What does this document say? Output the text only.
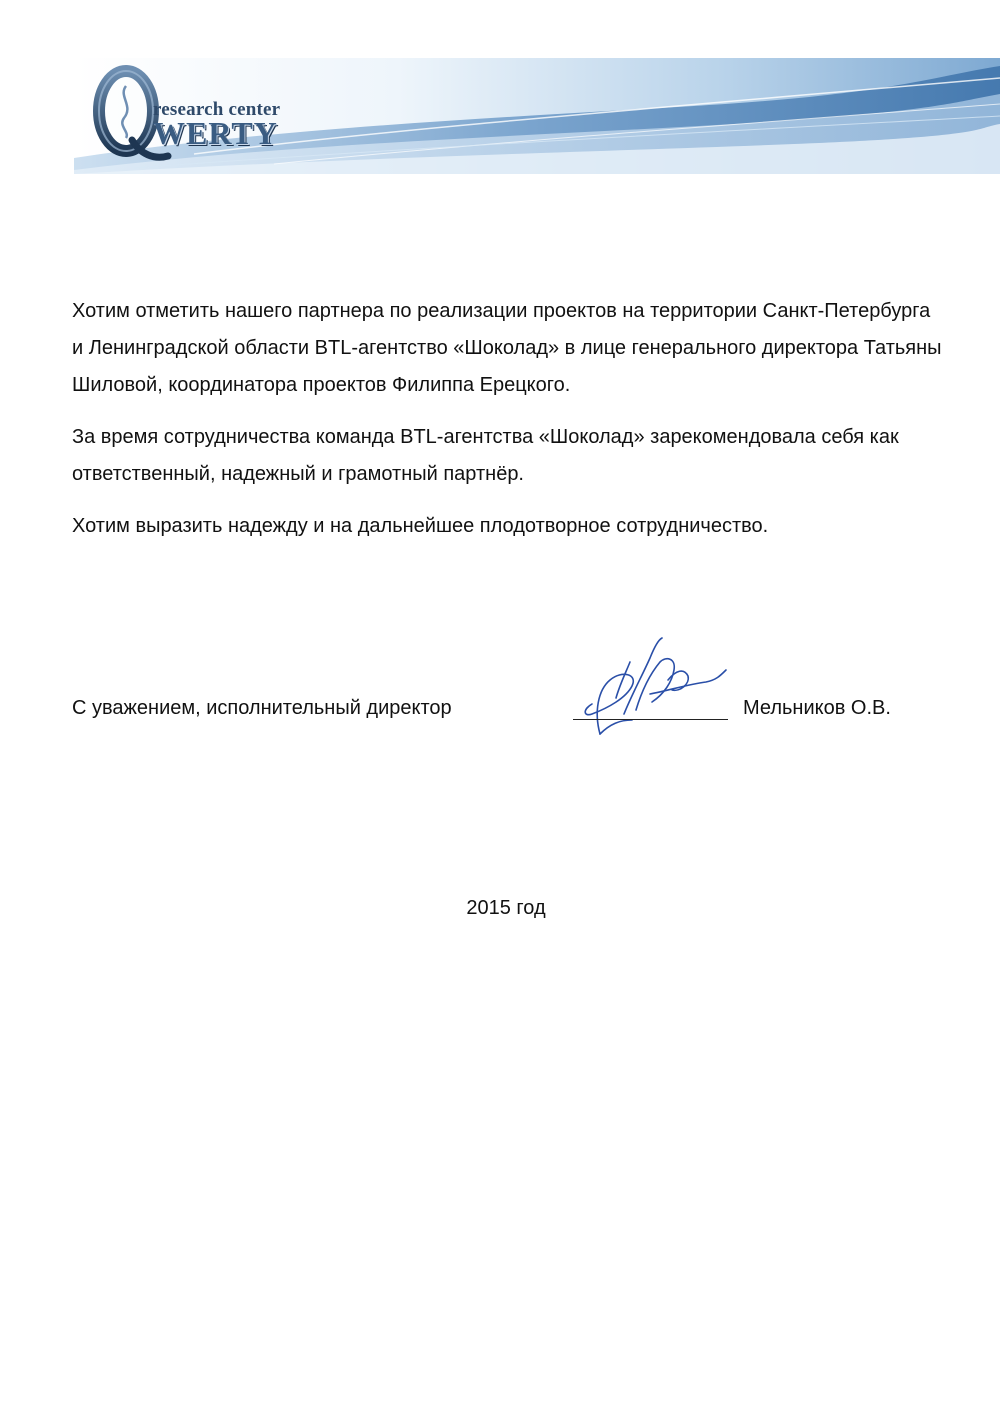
research center
WERTY

Хотим отметить нашего партнера по реализации проектов на территории Санкт-Петербурга и Ленинградской области BTL-агентство «Шоколад» в лице генерального директора Татьяны Шиловой, координатора проектов Филиппа Ерецкого.

За время сотрудничества команда BTL-агентства «Шоколад» зарекомендовала себя как ответственный, надежный и грамотный партнёр.

Хотим выразить надежду и на дальнейшее плодотворное сотрудничество.

С уважением, исполнительный директор	Мельников О.В.
2015 год
